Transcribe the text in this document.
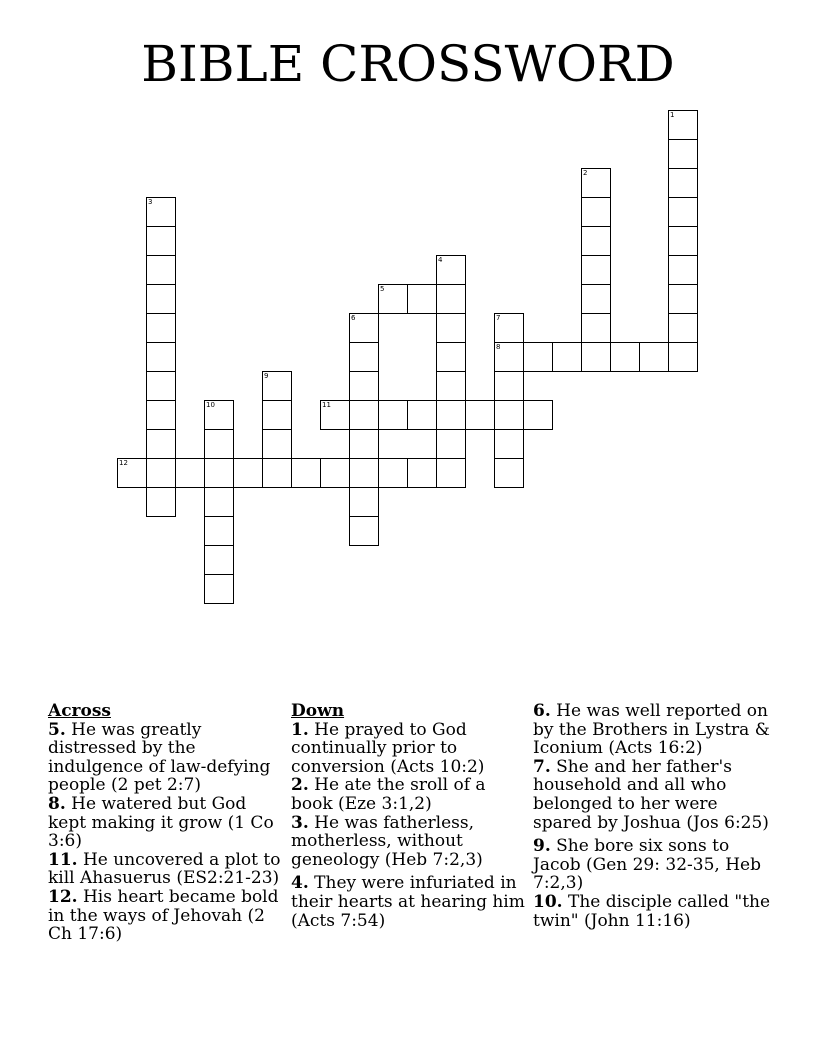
BIBLE CROSSWORD
1
2
3
4
5
6	7
8
9
10	11
12
Across
5. He was greatly distressed by the indulgence of law-defying people (2 pet 2:7)
8. He watered but God kept making it grow (1 Co 3:6)
11. He uncovered a plot to kill Ahasuerus (ES2:21-23)
12. His heart became bold in the ways of Jehovah (2 Ch 17:6)
Down
1. He prayed to God continually prior to conversion (Acts 10:2)
2. He ate the sroll of a book (Eze 3:1,2)
3. He was fatherless, motherless, without geneology (Heb 7:2,3)
4. They were infuriated in their hearts at hearing him (Acts 7:54)
6. He was well reported on by the Brothers in Lystra & Iconium (Acts 16:2)
7. She and her father's household and all who belonged to her were spared by Joshua (Jos 6:25)
9. She bore six sons to Jacob (Gen 29: 32-35, Heb 7:2,3)
10. The disciple called "the twin" (John 11:16)
